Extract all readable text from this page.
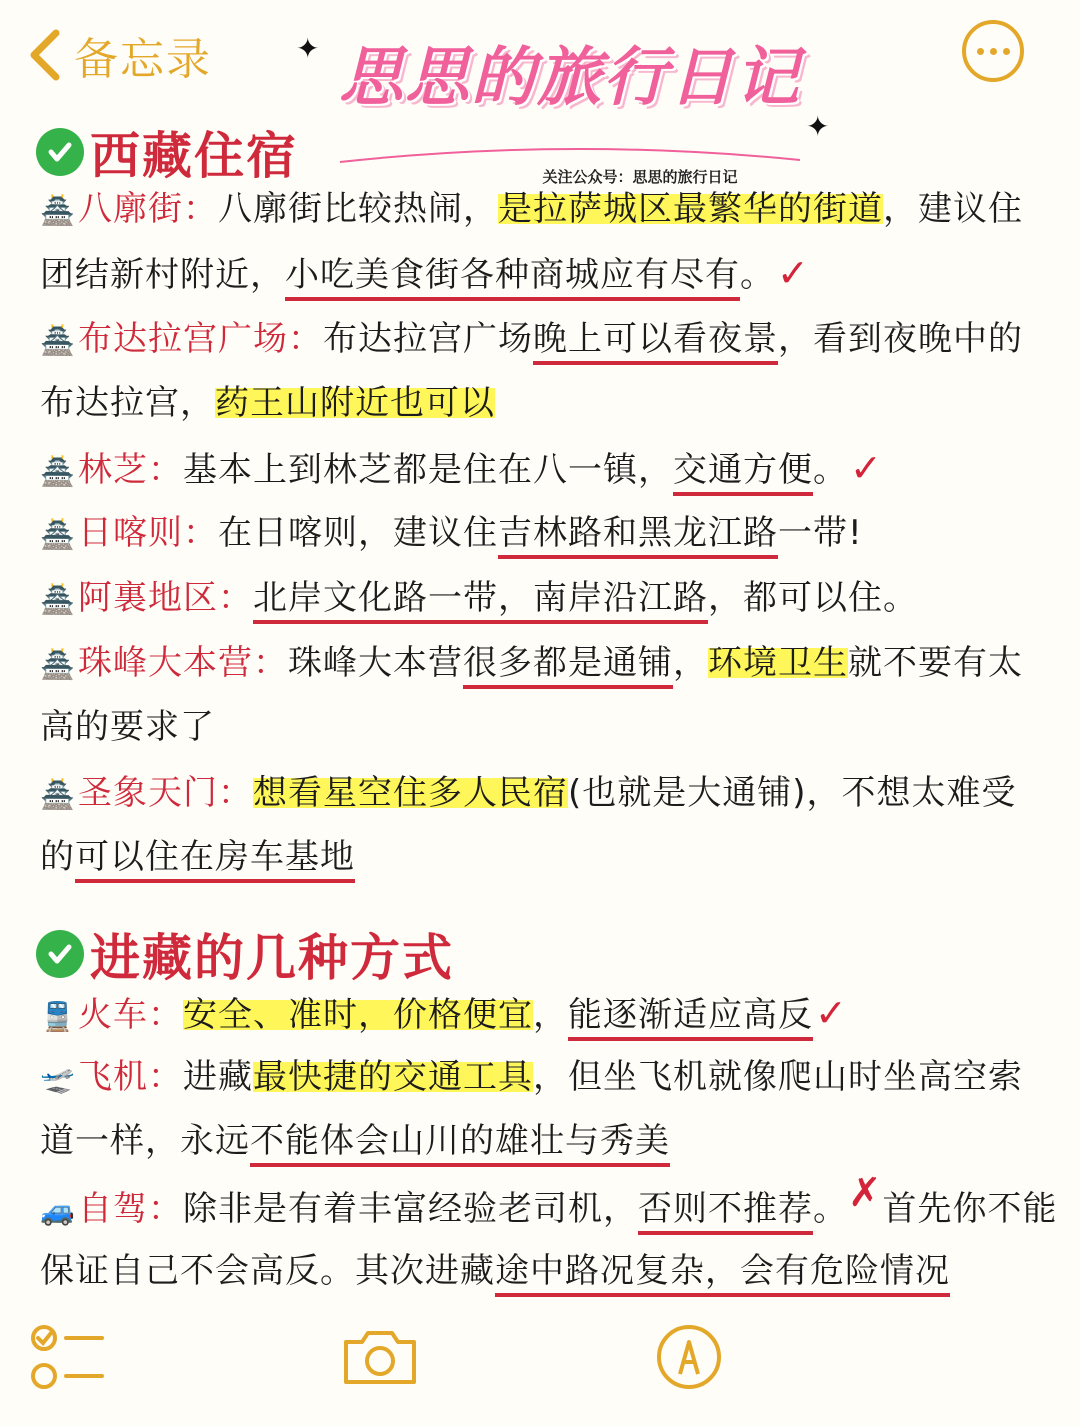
备忘录 思思的旅行日记
关注公众号：思思的旅行日记
✦
✦
西藏住宿
🏯八廓街：八廓街比较热闹，是拉萨城区最繁华的街道，建议住
团结新村附近，小吃美食街各种商城应有尽有。✓
🏯布达拉宫广场：布达拉宫广场晚上可以看夜景，看到夜晚中的
布达拉宫，药王山附近也可以
🏯林芝：基本上到林芝都是住在八一镇，交通方便。✓
🏯日喀则：在日喀则，建议住吉林路和黑龙江路一带!
🏯阿裏地区：北岸文化路一带，南岸沿江路，都可以住。
🏯珠峰大本营：珠峰大本营很多都是通铺，环境卫生就不要有太
高的要求了
🏯圣象天门：想看星空住多人民宿(也就是大通铺)，不想太难受
的可以住在房车基地
进藏的几种方式
🚆火车：安全、准时，价格便宜，能逐渐适应高反✓
🛫飞机：进藏最快捷的交通工具，但坐飞机就像爬山时坐高空索
道一样，永远不能体会山川的雄壮与秀美
🚙自驾：除非是有着丰富经验老司机，否则不推荐。✗首先你不能
保证自己不会高反。其次进藏途中路况复杂，会有危险情况
